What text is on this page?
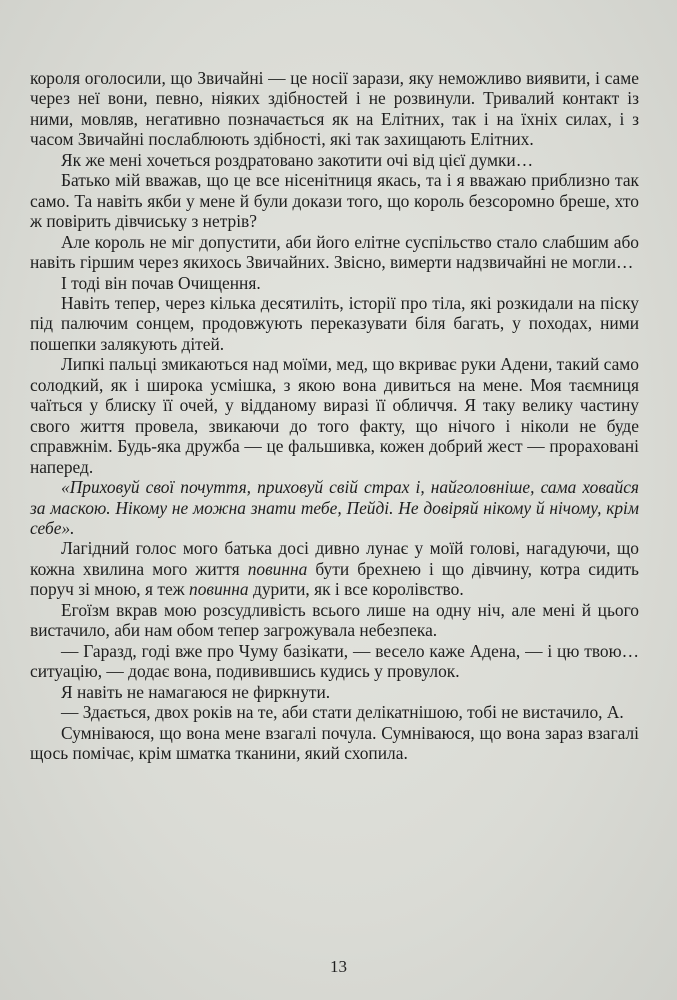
короля оголосили, що Звичайні — це носії зарази, яку неможливо виявити, і саме через неї вони, певно, ніяких здібностей і не розвинули. Тривалий контакт із ними, мовляв, негативно позначається як на Елітних, так і на їхніх силах, і з часом Звичайні послаблюють здібності, які так захищають Елітних.

Як же мені хочеться роздратовано закотити очі від цієї думки…

Батько мій вважав, що це все нісенітниця якась, та і я вважаю приблизно так само. Та навіть якби у мене й були докази того, що король безсоромно бреше, хто ж повірить дівчиську з нетрів?

Але король не міг допустити, аби його елітне суспільство стало слабшим або навіть гіршим через якихось Звичайних. Звісно, вимерти надзвичайні не могли…

І тоді він почав Очищення.

Навіть тепер, через кілька десятиліть, історії про тіла, які розкидали на піску під палючим сонцем, продовжують переказувати біля багать, у походах, ними пошепки залякують дітей.

Липкі пальці змикаються над моїми, мед, що вкриває руки Адени, такий само солодкий, як і широка усмішка, з якою вона дивиться на мене. Моя таємниця чаїться у блиску її очей, у відданому виразі її обличчя. Я таку велику частину свого життя провела, звикаючи до того факту, що нічого і ніколи не буде справжнім. Будь-яка дружба — це фальшивка, кожен добрий жест — прораховані наперед.

«Приховуй свої почуття, приховуй свій страх і, найголовніше, сама ховайся за маскою. Нікому не можна знати тебе, Пейді. Не довіряй нікому й нічому, крім себе».

Лагідний голос мого батька досі дивно лунає у моїй голові, нагадуючи, що кожна хвилина мого життя повинна бути брехнею і що дівчину, котра сидить поруч зі мною, я теж повинна дурити, як і все королівство.

Егоїзм вкрав мою розсудливість всього лише на одну ніч, але мені й цього вистачило, аби нам обом тепер загрожувала небезпека.

— Гаразд, годі вже про Чуму базікати, — весело каже Адена, — і цю твою… ситуацію, — додає вона, подивившись кудись у провулок.

Я навіть не намагаюся не фиркнути.

— Здається, двох років на те, аби стати делікатнішою, тобі не вистачило, А.

Сумніваюся, що вона мене взагалі почула. Сумніваюся, що вона зараз взагалі щось помічає, крім шматка тканини, який схопила.

13
